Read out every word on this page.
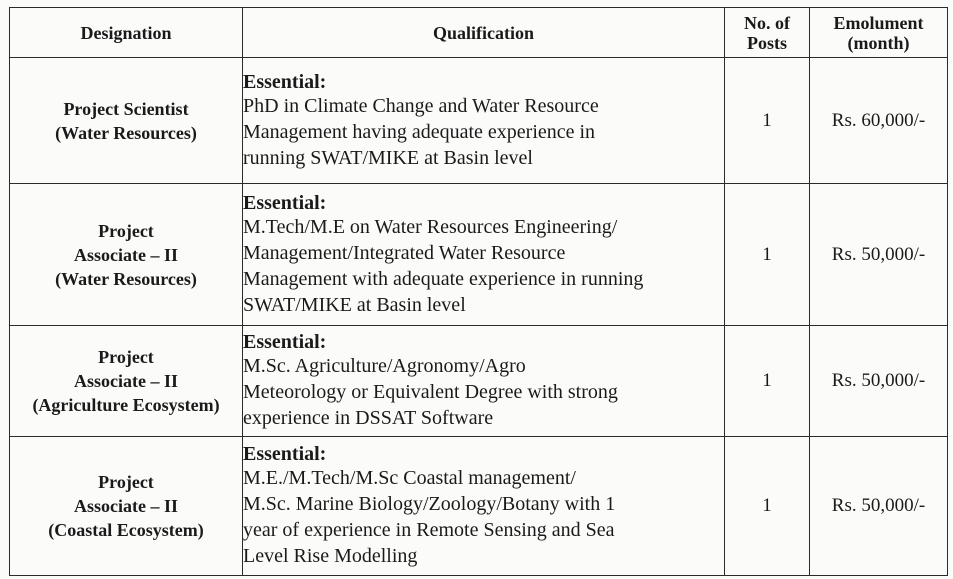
Designation	Qualification	No. of
Posts	Emolument
(month)

Project Scientist
(Water Resources)	Essential:
PhD in Climate Change and Water Resource
Management having adequate experience in
running SWAT/MIKE at Basin level	1	Rs. 60,000/-

Project
Associate – II
(Water Resources)	Essential:
M.Tech/M.E on Water Resources Engineering/
Management/Integrated Water Resource
Management with adequate experience in running
SWAT/MIKE at Basin level	1	Rs. 50,000/-

Project
Associate – II
(Agriculture Ecosystem)	Essential:
M.Sc. Agriculture/Agronomy/Agro
Meteorology or Equivalent Degree with strong
experience in DSSAT Software	1	Rs. 50,000/-

Project
Associate – II
(Coastal Ecosystem)	Essential:
M.E./M.Tech/M.Sc Coastal management/
M.Sc. Marine Biology/Zoology/Botany with 1
year of experience in Remote Sensing and Sea
Level Rise Modelling	1	Rs. 50,000/-
